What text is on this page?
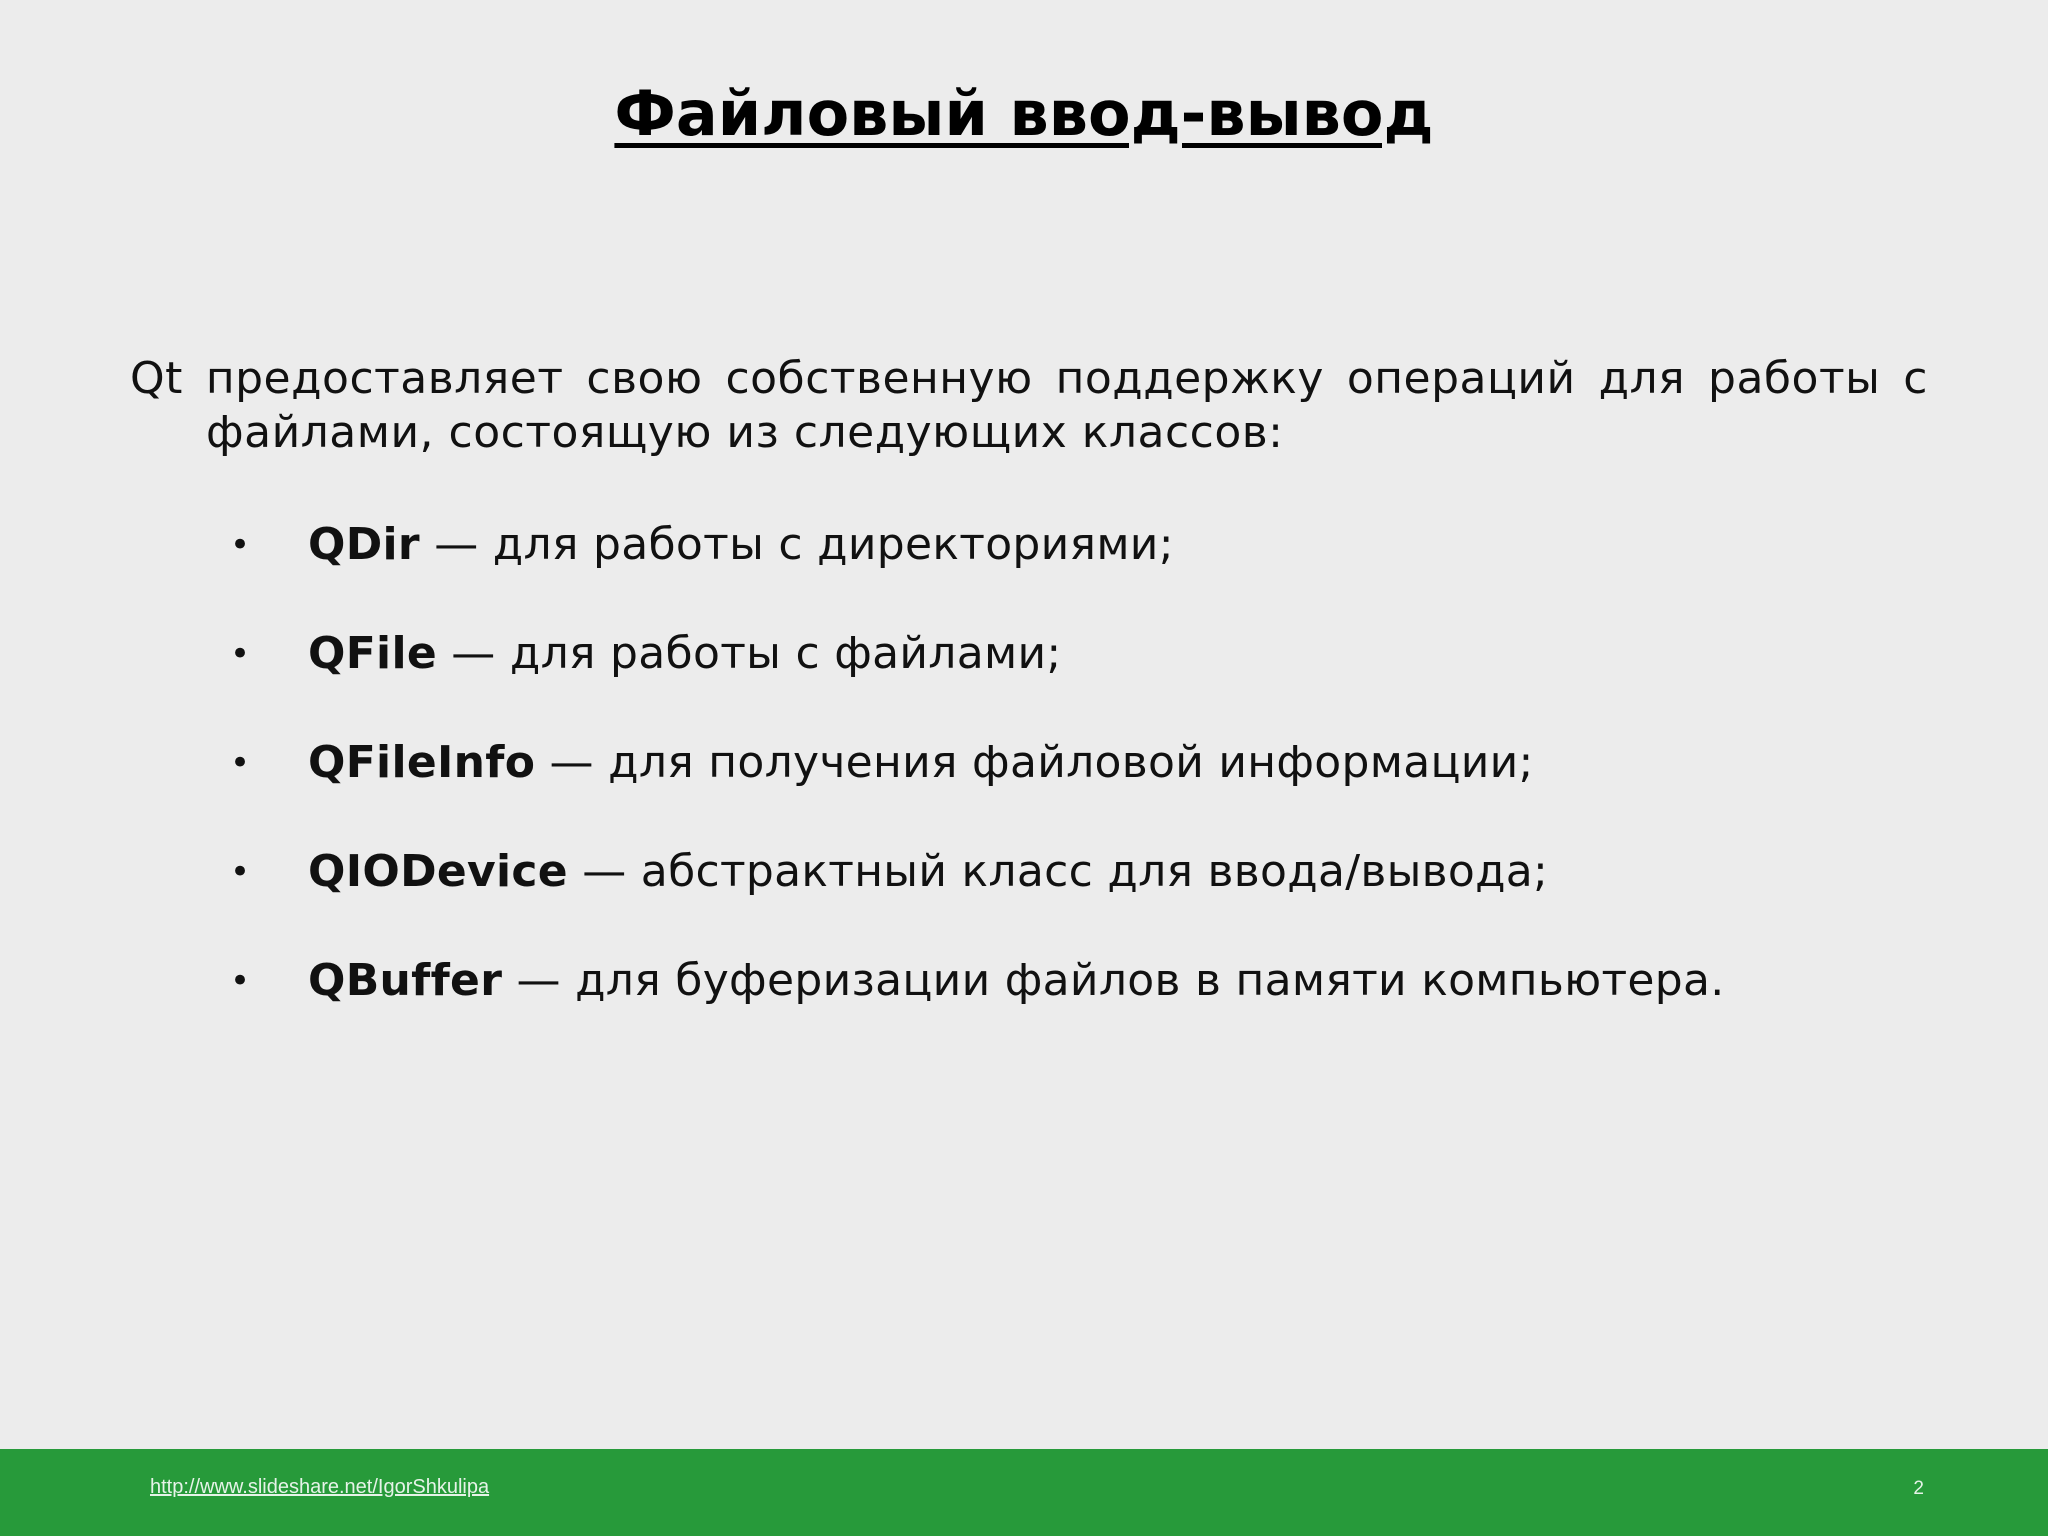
Файловый ввод-вывод
Qt предоставляет свою собственную поддержку операций для работы с файлами, состоящую из следующих классов:
• QDir — для работы с директориями;
• QFile — для работы с файлами;
• QFileInfo — для получения файловой информации;
• QIODevice — абстрактный класс для ввода/вывода;
• QBuffer — для буферизации файлов в памяти компьютера.
http://www.slideshare.net/IgorShkulipa	2
